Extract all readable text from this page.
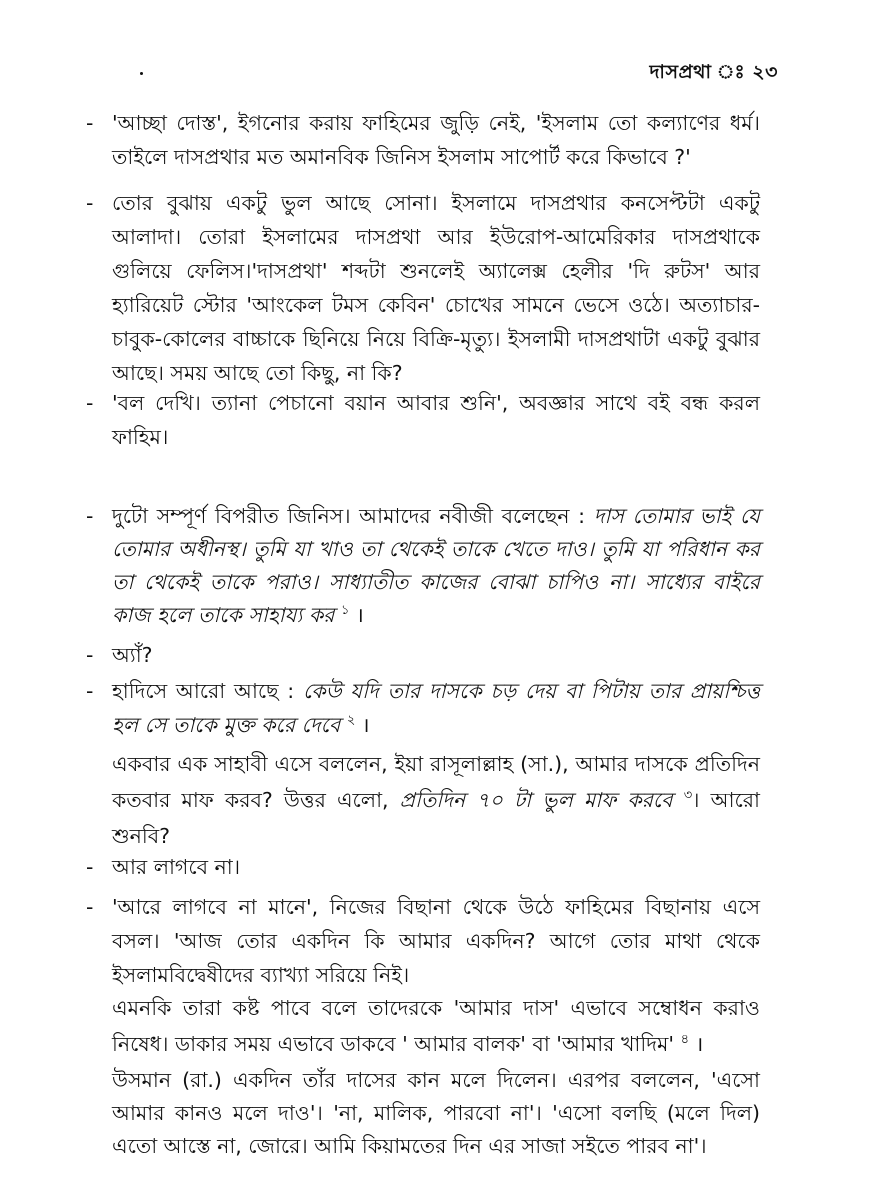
দাসপ্রথা ঃ ২৩
- 'আচ্ছা দোস্ত', ইগনোর করায় ফাহিমের জুড়ি নেই, 'ইসলাম তো কল্যাণের ধর্ম। তাইলে দাসপ্রথার মত অমানবিক জিনিস ইসলাম সাপোর্ট করে কিভাবে ?'

- তোর বুঝায় একটু ভুল আছে সোনা। ইসলামে দাসপ্রথার কনসেপ্টটা একটু আলাদা। তোরা ইসলামের দাসপ্রথা আর ইউরোপ-আমেরিকার দাসপ্রথাকে গুলিয়ে ফেলিস।'দাসপ্রথা' শব্দটা শুনলেই অ্যালেক্স হেলীর 'দি রুটস' আর হ্যারিয়েট স্টোর 'আংকেল টমস কেবিন' চোখের সামনে ভেসে ওঠে। অত্যাচার-চাবুক-কোলের বাচ্চাকে ছিনিয়ে নিয়ে বিক্রি-মৃত্যু। ইসলামী দাসপ্রথাটা একটু বুঝার আছে। সময় আছে তো কিছু, না কি?

- 'বল দেখি। ত্যানা পেচানো বয়ান আবার শুনি', অবজ্ঞার সাথে বই বন্ধ করল ফাহিম।

- দুটো সম্পূর্ণ বিপরীত জিনিস। আমাদের নবীজী বলেছেন : দাস তোমার ভাই যে তোমার অধীনস্থ। তুমি যা খাও তা থেকেই তাকে খেতে দাও। তুমি যা পরিধান কর তা থেকেই তাকে পরাও। সাধ্যাতীত কাজের বোঝা চাপিও না। সাধ্যের বাইরে কাজ হলে তাকে সাহায্য কর $^১$ ।

- অ্যাঁ?

- হাদিসে আরো আছে : কেউ যদি তার দাসকে চড় দেয় বা পিটায় তার প্রায়শ্চিত্ত হল সে তাকে মুক্ত করে দেবে $^২$ ।

একবার এক সাহাবী এসে বললেন, ইয়া রাসূলাল্লাহ (সা.), আমার দাসকে প্রতিদিন কতবার মাফ করব? উত্তর এলো, প্রতিদিন ৭০ টা ভুল মাফ করবে $^৩$। আরো শুনবি?

- আর লাগবে না।

- 'আরে লাগবে না মানে', নিজের বিছানা থেকে উঠে ফাহিমের বিছানায় এসে বসল। 'আজ তোর একদিন কি আমার একদিন? আগে তোর মাথা থেকে ইসলামবিদ্বেষীদের ব্যাখ্যা সরিয়ে নিই।

এমনকি তারা কষ্ট পাবে বলে তাদেরকে 'আমার দাস' এভাবে সম্বোধন করাও নিষেধ। ডাকার সময় এভাবে ডাকবে ' আমার বালক' বা 'আমার খাদিম' $^৪$ ।

উসমান (রা.) একদিন তাঁর দাসের কান মলে দিলেন। এরপর বললেন, 'এসো আমার কানও মলে দাও'। 'না, মালিক, পারবো না'। 'এসো বলছি (মলে দিল) এতো আস্তে না, জোরে। আমি কিয়ামতের দিন এর সাজা সইতে পারব না'।
